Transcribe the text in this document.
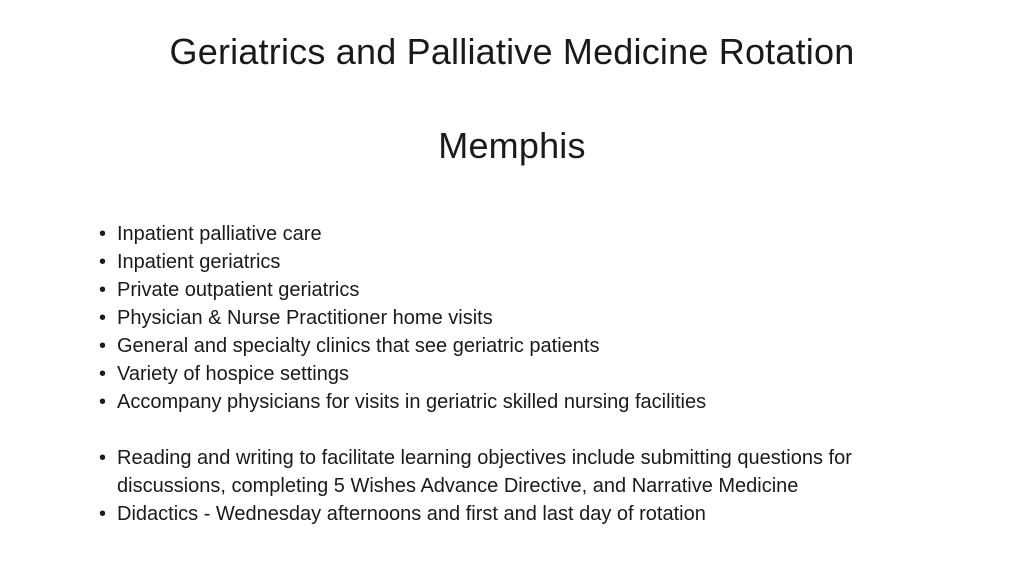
Geriatrics and Palliative Medicine Rotation
Memphis
• Inpatient palliative care
• Inpatient geriatrics
• Private outpatient geriatrics
• Physician & Nurse Practitioner home visits
• General and specialty clinics that see geriatric patients
• Variety of hospice settings
• Accompany physicians for visits in geriatric skilled nursing facilities
• Reading and writing to facilitate learning objectives include submitting questions for discussions, completing 5 Wishes Advance Directive, and Narrative Medicine
• Didactics - Wednesday afternoons and first and last day of rotation
